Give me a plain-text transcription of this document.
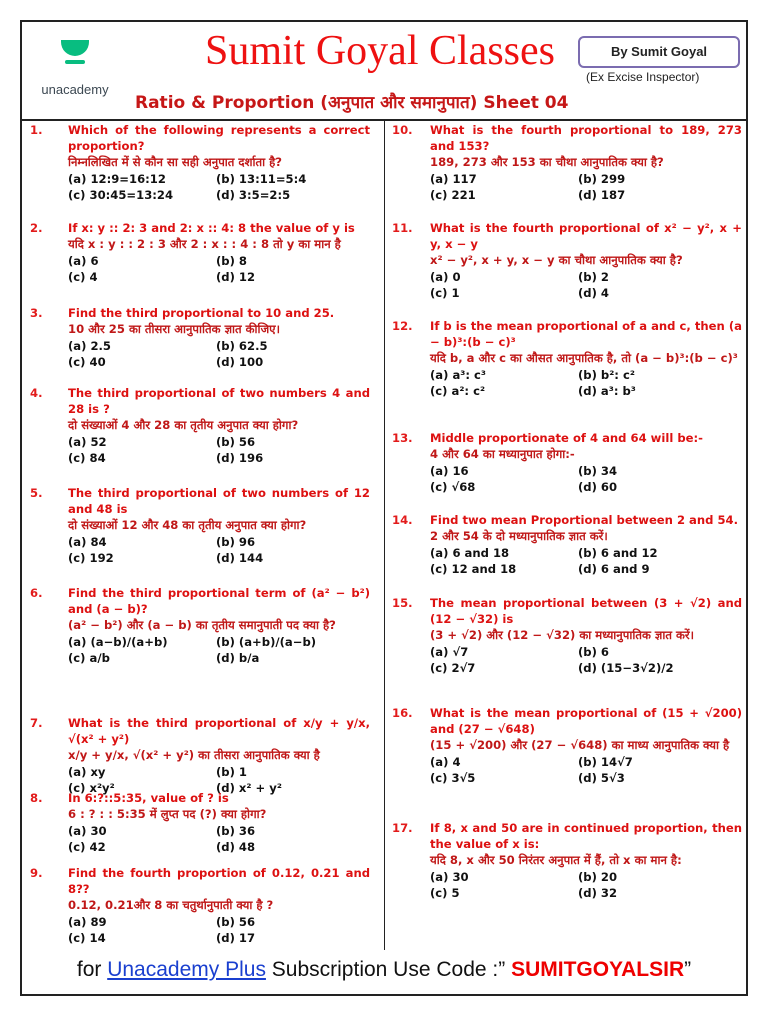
unacademy
Sumit Goyal Classes	By Sumit Goyal
(Ex Excise Inspector)
Ratio & Proportion (अनुपात और समानुपात) Sheet 04
1.	Which of the following represents a correct proportion?
निम्नलिखित में से कौन सा सही अनुपात दर्शाता है?
(a) 12:9=16:12	(b) 13:11=5:4
(c) 30:45=13:24	(d) 3:5=2:5
2.	If x: y :: 2: 3 and 2: x :: 4: 8 the value of y is
यदि x : y : : 2 : 3 और 2 : x : : 4 : 8 तो y का मान है
(a) 6	(b) 8
(c) 4	(d) 12
3.	Find the third proportional to 10 and 25.
10 और 25 का तीसरा आनुपातिक ज्ञात कीजिए।
(a) 2.5	(b) 62.5
(c) 40	(d) 100
4.	The third proportional of two numbers 4 and 28 is ?
दो संख्याओं 4 और 28 का तृतीय अनुपात क्या होगा?
(a) 52	(b) 56
(c) 84	(d) 196
5.	The third proportional of two numbers of 12 and 48 is
दो संख्याओं 12 और 48 का तृतीय अनुपात क्या होगा?
(a) 84	(b) 96
(c) 192	(d) 144
6.	Find the third proportional term of (a² − b²) and (a − b)?
(a² − b²) और (a − b) का तृतीय समानुपाती पद क्या है?
(a) (a−b)/(a+b)	(b) (a+b)/(a−b)
(c) a/b	(d) b/a
7.	What is the third proportional of x/y + y/x, √(x² + y²)
x/y + y/x, √(x² + y²) का तीसरा आनुपातिक क्या है
(a) xy	(b) 1
(c) x²y²	(d) x² + y²
8.	In 6:?::5:35, value of ? is
6 : ? : : 5:35 में लुप्त पद (?) क्या होगा?
(a) 30	(b) 36
(c) 42	(d) 48
9.	Find the fourth proportion of 0.12, 0.21 and 8??
0.12, 0.21और 8 का चतुर्थानुपाती क्या है ?
(a) 89	(b) 56
(c) 14	(d) 17
10.	What is the fourth proportional to 189, 273 and 153?
189, 273 और 153 का चौथा आनुपातिक क्या है?
(a) 117	(b) 299
(c) 221	(d) 187
11.	What is the fourth proportional of x² − y², x + y, x − y
x² − y², x + y, x − y का चौथा आनुपातिक क्या है?
(a) 0	(b) 2
(c) 1	(d) 4
12.	If b is the mean proportional of a and c, then (a − b)³:(b − c)³
यदि b, a और c का औसत आनुपातिक है, तो (a − b)³:(b − c)³
(a) a³: c³	(b) b²: c²
(c) a²: c²	(d) a³: b³
13.	Middle proportionate of 4 and 64 will be:-
4 और 64 का मध्यानुपात होगा:-
(a) 16	(b) 34
(c) √68	(d) 60
14.	Find two mean Proportional between 2 and 54.
2 और 54 के दो मध्यानुपातिक ज्ञात करें।
(a) 6 and 18	(b) 6 and 12
(c) 12 and 18	(d) 6 and 9
15.	The mean proportional between (3 + √2) and (12 − √32) is
(3 + √2) और (12 − √32) का मध्यानुपातिक ज्ञात करें।
(a) √7	(b) 6
(c) 2√7	(d) (15−3√2)/2
16.	What is the mean proportional of (15 + √200) and (27 − √648)
(15 + √200) और (27 − √648) का माध्य आनुपातिक क्या है
(a) 4	(b) 14√7
(c) 3√5	(d) 5√3
17.	If 8, x and 50 are in continued proportion, then the value of x is:
यदि 8, x और 50 निरंतर अनुपात में हैं, तो x का मान है:
(a) 30	(b) 20
(c) 5	(d) 32
for Unacademy Plus Subscription Use Code :” SUMITGOYALSIR”
